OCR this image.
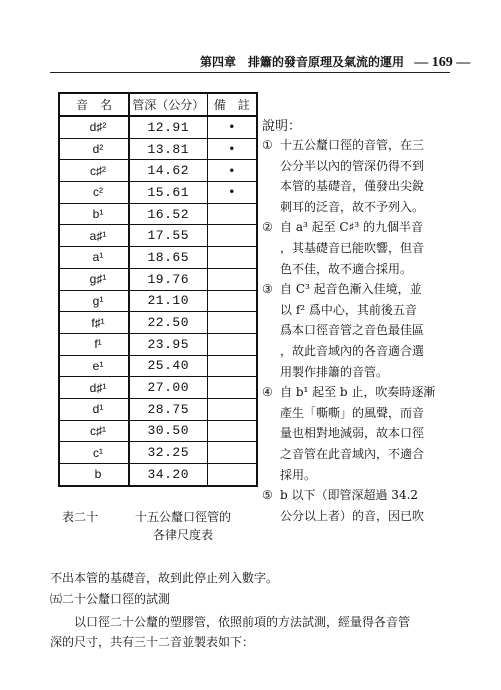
第四章　排簫的發音原理及氣流的運用 — 169 —
音　名	管深（公分）	備　註
d♯²	12.91	•
d²	13.81	•
c♯²	14.62	•
c²	15.61	•
b¹	16.52	
a♯¹	17.55	
a¹	18.65	
g♯¹	19.76	
g¹	21.10	
f♯¹	22.50	
f¹	23.95	
e¹	25.40	
d♯¹	27.00	
d¹	28.75	
c♯¹	30.50	
c¹	32.25	
b	34.20	
表二十	十五公釐口徑管的
各律尺度表
說明：
① 十五公釐口徑的音管，在三
公分半以內的管深仍得不到
本管的基礎音，僅發出尖銳
刺耳的泛音，故不予列入。
② 自 a³ 起至 C♯³ 的九個半音
，其基礎音已能吹響，但音
色不佳，故不適合採用。
③ 自 C³ 起音色漸入佳境，並
以 f² 爲中心，其前後五音
爲本口徑音管之音色最佳區
，故此音域內的各音適合選
用製作排簫的音管。
④ 自 b¹ 起至 b 止，吹奏時逐漸
產生「嘶嘶」的風聲，而音
量也相對地減弱，故本口徑
之音管在此音域內，不適合
採用。
⑤ b 以下（即管深超過 34.2
公分以上者）的音，因已吹
不出本管的基礎音，故到此停止列入數字。
㈤二十公釐口徑的試測
以口徑二十公釐的塑膠管，依照前項的方法試測，經量得各音管
深的尺寸，共有三十二音並製表如下：
